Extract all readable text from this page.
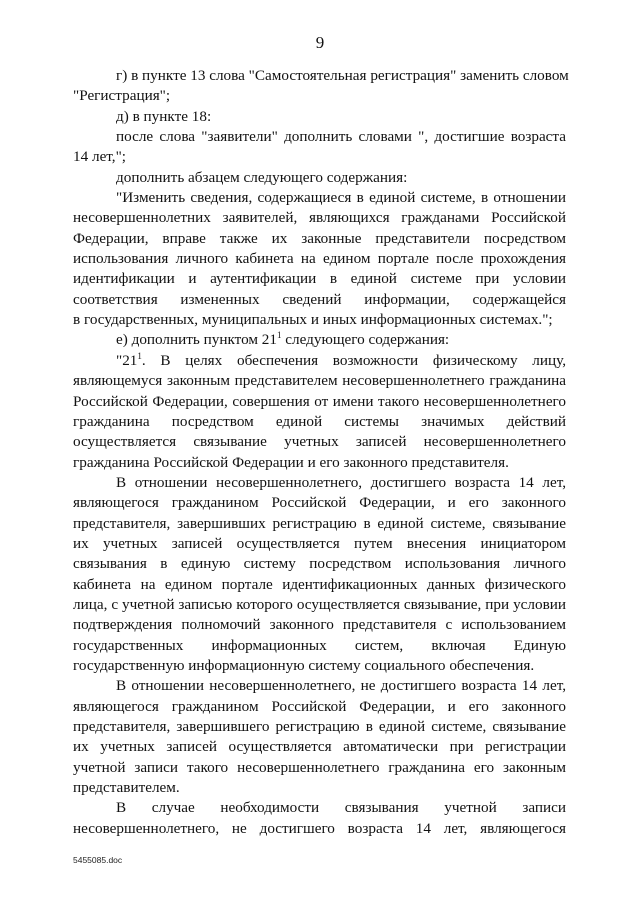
9
г) в пункте 13 слова "Самостоятельная регистрация" заменить словом
"Регистрация";
д) в пункте 18:
после слова "заявители" дополнить словами ", достигшие возраста
14 лет,";
дополнить абзацем следующего содержания:
"Изменить сведения, содержащиеся в единой системе, в отношении
несовершеннолетних заявителей, являющихся гражданами Российской
Федерации, вправе также их законные представители посредством
использования личного кабинета на едином портале после прохождения
идентификации и аутентификации в единой системе при условии
соответствия измененных сведений информации, содержащейся
в государственных, муниципальных и иных информационных системах.";
е) дополнить пунктом $21^1$ следующего содержания:
"$21^1$. В целях обеспечения возможности физическому лицу,
являющемуся законным представителем несовершеннолетнего гражданина
Российской Федерации, совершения от имени такого несовершеннолетнего
гражданина посредством единой системы значимых действий
осуществляется связывание учетных записей несовершеннолетнего
гражданина Российской Федерации и его законного представителя.
В отношении несовершеннолетнего, достигшего возраста 14 лет,
являющегося гражданином Российской Федерации, и его законного
представителя, завершивших регистрацию в единой системе, связывание
их учетных записей осуществляется путем внесения инициатором
связывания в единую систему посредством использования личного
кабинета на едином портале идентификационных данных физического
лица, с учетной записью которого осуществляется связывание, при условии
подтверждения полномочий законного представителя с использованием
государственных информационных систем, включая Единую
государственную информационную систему социального обеспечения.
В отношении несовершеннолетнего, не достигшего возраста 14 лет,
являющегося гражданином Российской Федерации, и его законного
представителя, завершившего регистрацию в единой системе, связывание
их учетных записей осуществляется автоматически при регистрации
учетной записи такого несовершеннолетнего гражданина его законным
представителем.
В случае необходимости связывания учетной записи
несовершеннолетнего, не достигшего возраста 14 лет, являющегося
5455085.doc
